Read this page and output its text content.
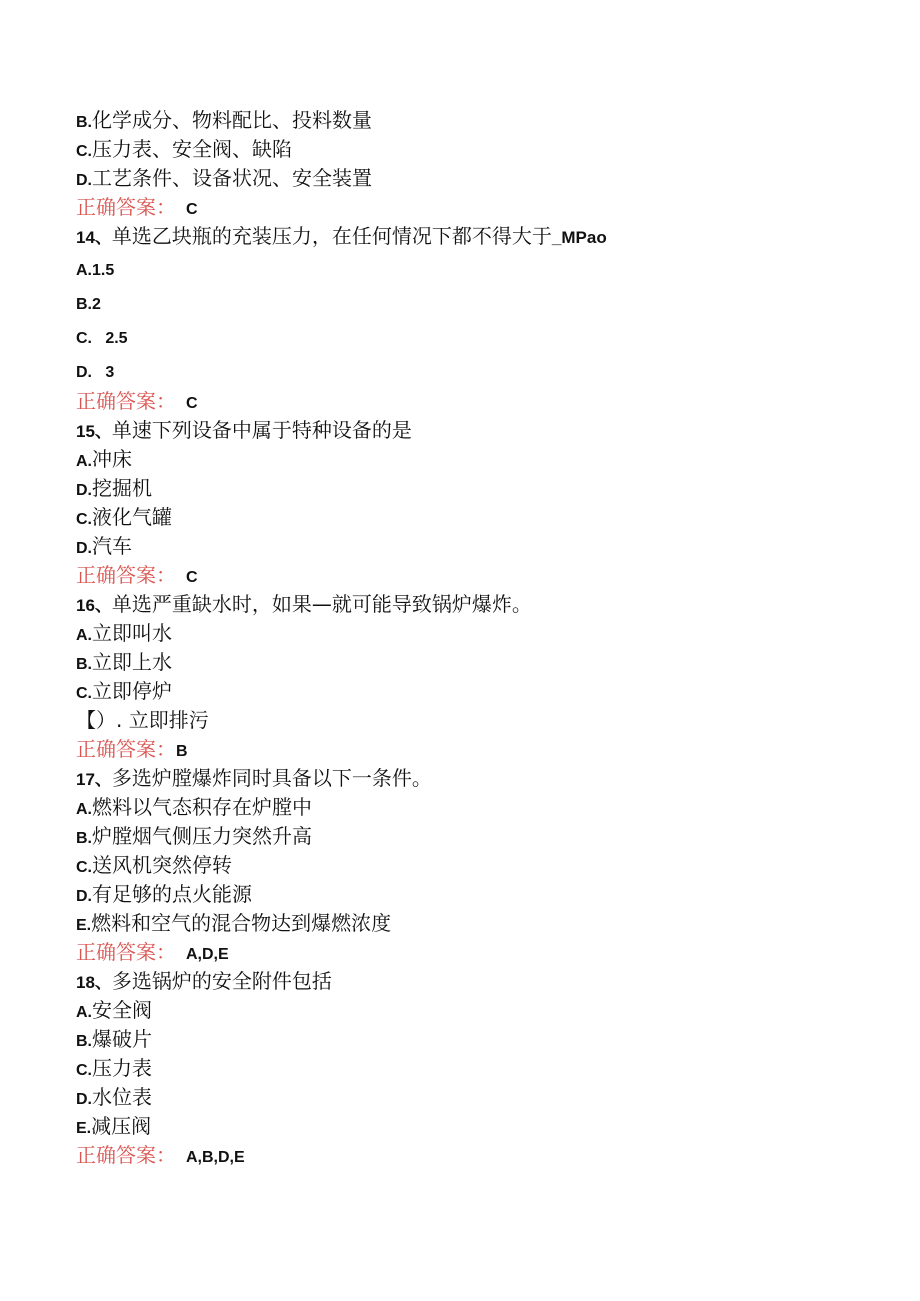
B.化学成分、物料配比、投料数量
C.压力表、安全阀、缺陷
D.工艺条件、设备状况、安全装置
正确答案： C
14、单选乙块瓶的充装压力，在任何情况下都不得大于_MPao
A.1.5
B.2
C.   2.5
D.   3
正确答案： C
15、单速下列设备中属于特种设备的是
A.冲床
D.挖掘机
C.液化气罐
D.汽车
正确答案： C
16、单选严重缺水时，如果—就可能导致锅炉爆炸。
A.立即叫水
B.立即上水
C.立即停炉
【）. 立即排污
正确答案：B
17、多选炉膛爆炸同时具备以下一条件。
A.燃料以气态积存在炉膛中
B.炉膛烟气侧压力突然升高
C.送风机突然停转
D.有足够的点火能源
E.燃料和空气的混合物达到爆燃浓度
正确答案： A,D,E
18、多选锅炉的安全附件包括
A.安全阀
B.爆破片
C.压力表
D.水位表
E.减压阀
正确答案： A,B,D,E
